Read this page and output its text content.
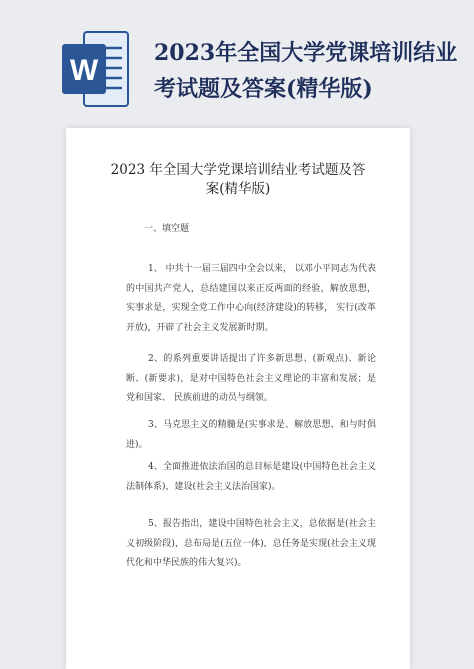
W
2023年全国大学党课培训结业考试题及答案(精华版)
2023 年全国大学党课培训结业考试题及答案(精华版)
一、填空题
1、 中共十一届三届四中全会以来， 以邓小平同志为代表的中国共产党人，总结建国以来正反两面的经验，解放思想，实事求是，实现全党工作中心向(经济建设)的转移， 实行(改革开放)，开辟了社会主义发展新时期。
2、的系列重要讲话提出了许多新思想、(新观点)、新论断、(新要求)，是对中国特色社会主义理论的丰富和发展；是党和国家、 民族前进的动员与纲领。
3、马克思主义的精髓是(实事求是、解放思想、和与时俱进)。
4、全面推进依法治国的总目标是建设(中国特色社会主义法制体系)，建设(社会主义法治国家)。
5、报告指出，建设中国特色社会主义，总依据是(社会主义初级阶段)，总布局是(五位一体)，总任务是实现(社会主义现代化和中华民族的伟大复兴)。
